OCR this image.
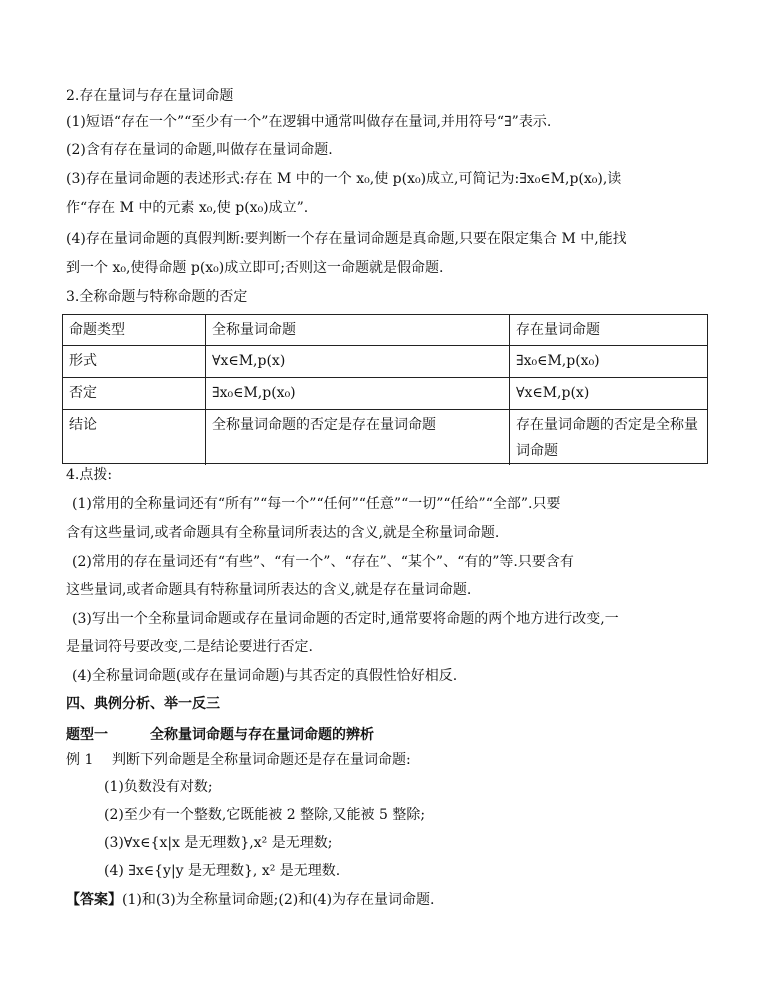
2.存在量词与存在量词命题
(1)短语“存在一个”“至少有一个”在逻辑中通常叫做存在量词,并用符号“∃”表示.
(2)含有存在量词的命题,叫做存在量词命题.
(3)存在量词命题的表述形式:存在 M 中的一个 x₀,使 p(x₀)成立,可简记为:∃x₀∈M,p(x₀),读
作“存在 M 中的元素 x₀,使 p(x₀)成立”.
(4)存在量词命题的真假判断:要判断一个存在量词命题是真命题,只要在限定集合 M 中,能找
到一个 x₀,使得命题 p(x₀)成立即可;否则这一命题就是假命题.
3.全称命题与特称命题的否定
命题类型	全称量词命题	存在量词命题
形式	∀x∈M,p(x)	∃x₀∈M,p(x₀)
否定	∃x₀∈M,p(x₀)	∀x∈M,p(x)
结论	全称量词命题的否定是存在量词命题	存在量词命题的否定是全称量词命题
4.点拨:
(1)常用的全称量词还有“所有”“每一个”“任何”“任意”“一切”“任给”“全部”.只要
含有这些量词,或者命题具有全称量词所表达的含义,就是全称量词命题.
(2)常用的存在量词还有“有些”、“有一个”、“存在”、“某个”、“有的”等.只要含有
这些量词,或者命题具有特称量词所表达的含义,就是存在量词命题.
(3)写出一个全称量词命题或存在量词命题的否定时,通常要将命题的两个地方进行改变,一
是量词符号要改变,二是结论要进行否定.
(4)全称量词命题(或存在量词命题)与其否定的真假性恰好相反.
四、典例分析、举一反三
题型一	全称量词命题与存在量词命题的辨析
例 1 判断下列命题是全称量词命题还是存在量词命题:
(1)负数没有对数;
(2)至少有一个整数,它既能被 2 整除,又能被 5 整除;
(3)∀x∈{x|x 是无理数},x² 是无理数;
(4) ∃x∈{y|y 是无理数}, x² 是无理数.
【答案】(1)和(3)为全称量词命题;(2)和(4)为存在量词命题.
